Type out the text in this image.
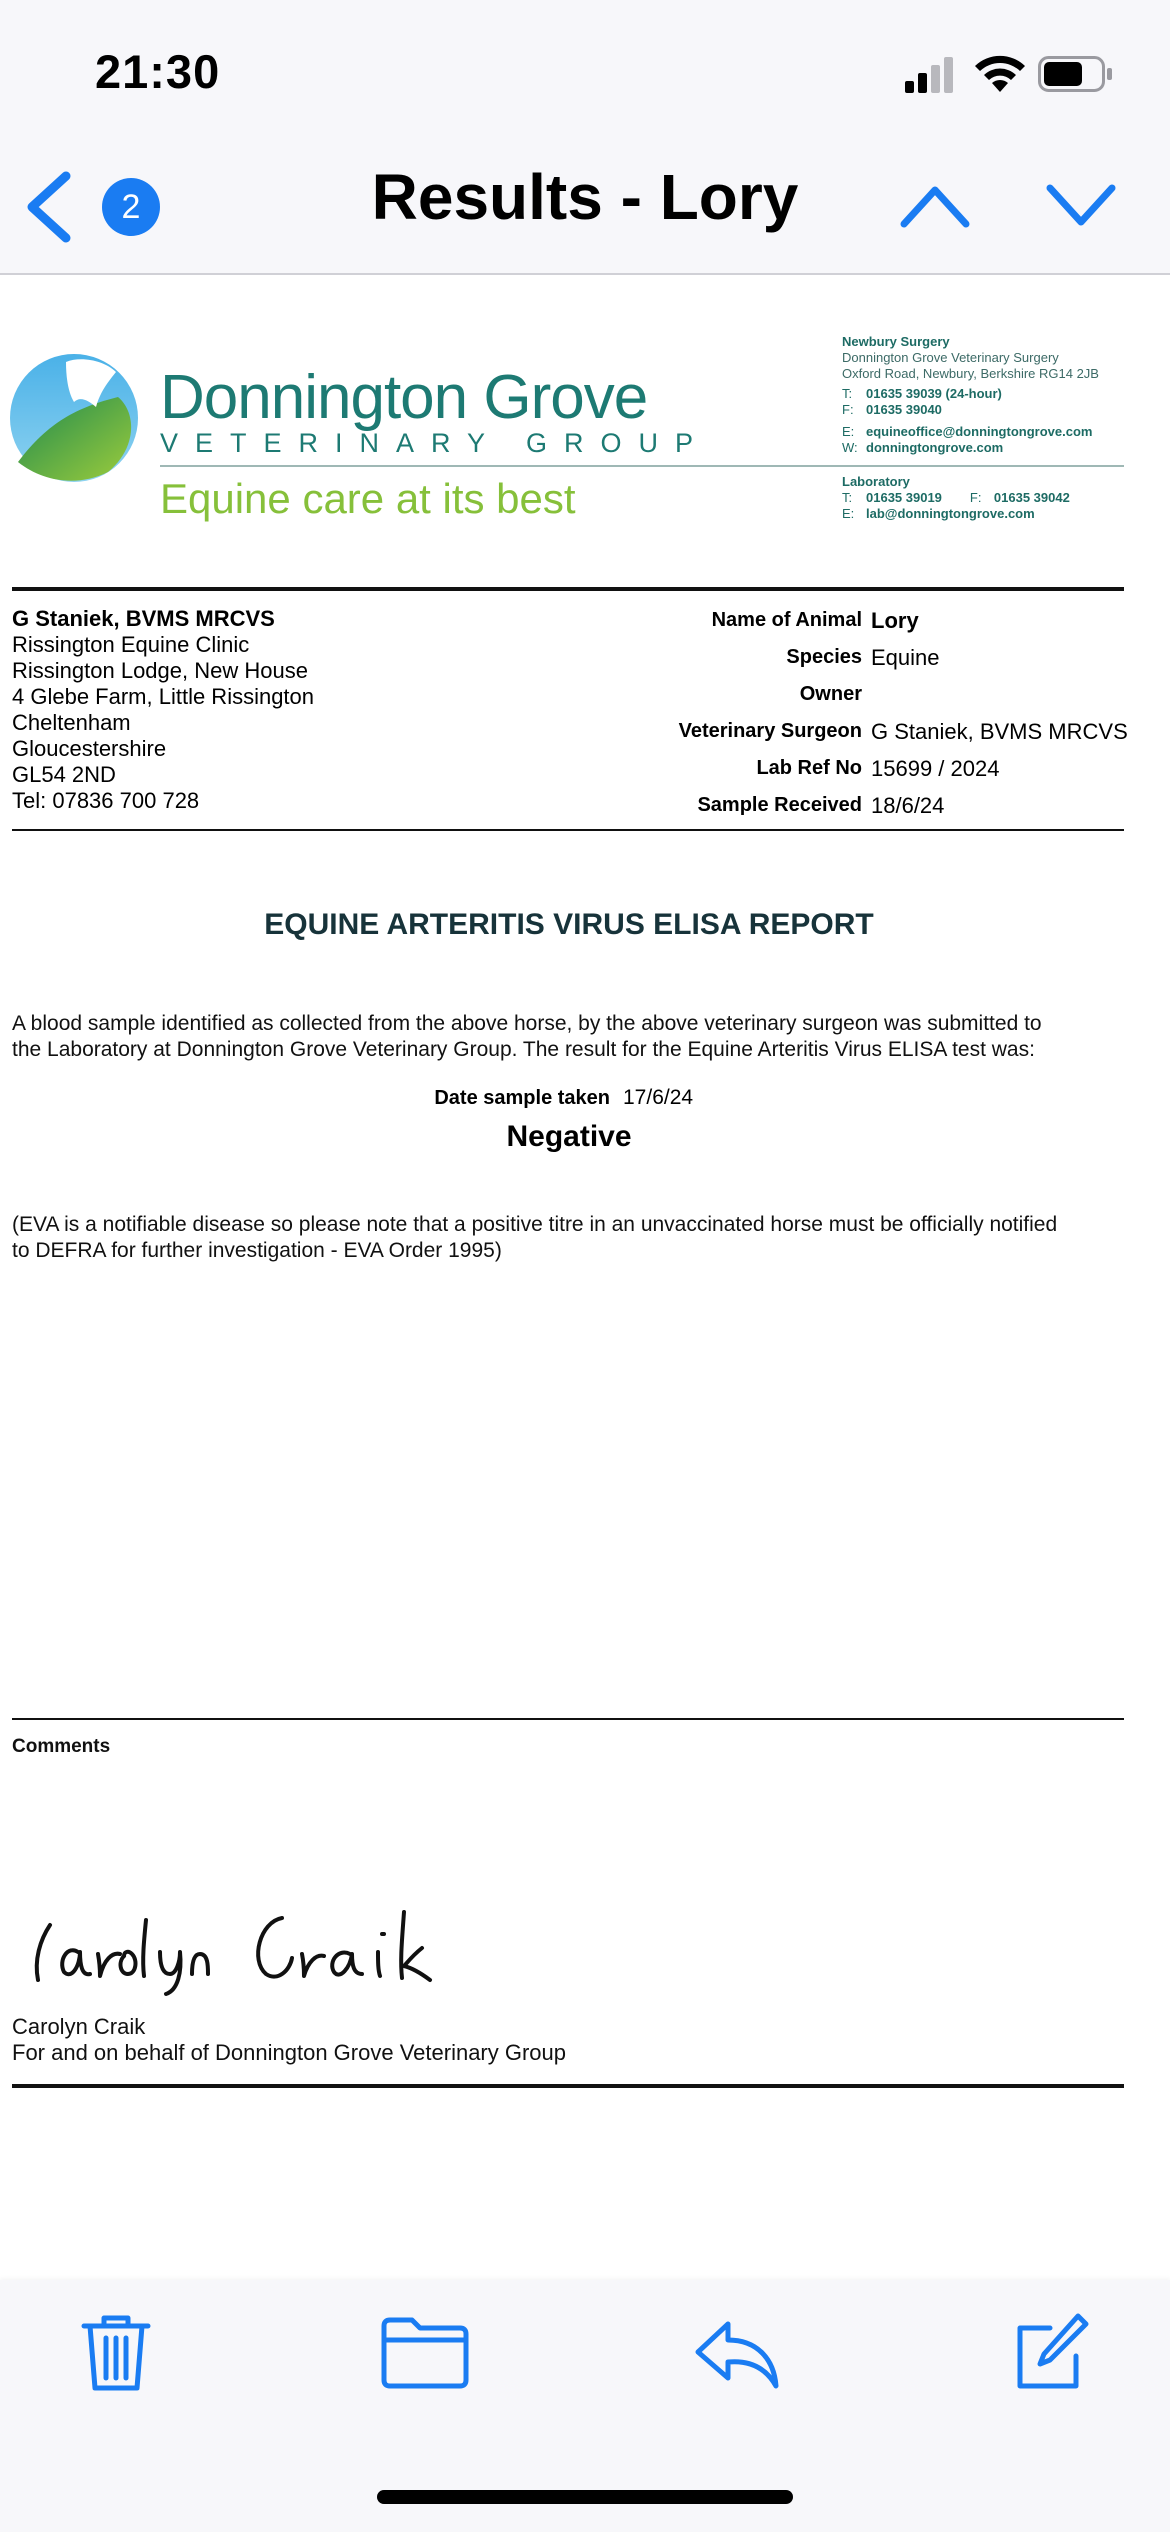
21:30
2	Results - Lory
Donnington Grove
VETERINARY GROUP
Equine care at its best
Newbury Surgery
Donnington Grove Veterinary Surgery
Oxford Road, Newbury, Berkshire RG14 2JB
T: 01635 39039 (24-hour)
F: 01635 39040
E: equineoffice@donningtongrove.com
W: donningtongrove.com
Laboratory
T: 01635 39019 F: 01635 39042
E: lab@donningtongrove.com
G Staniek, BVMS MRCVS
Rissington Equine Clinic
Rissington Lodge, New House
4 Glebe Farm, Little Rissington
Cheltenham
Gloucestershire
GL54 2ND
Tel: 07836 700 728
Name of Animal Lory
Species Equine
Owner
Veterinary Surgeon G Staniek, BVMS MRCVS
Lab Ref No 15699 / 2024
Sample Received 18/6/24
EQUINE ARTERITIS VIRUS ELISA REPORT
A blood sample identified as collected from the above horse, by the above veterinary surgeon was submitted to
the Laboratory at Donnington Grove Veterinary Group. The result for the Equine Arteritis Virus ELISA test was:
Date sample taken 17/6/24
Negative
(EVA is a notifiable disease so please note that a positive titre in an unvaccinated horse must be officially notified
to DEFRA for further investigation - EVA Order 1995)
Comments
Carolyn Craik
For and on behalf of Donnington Grove Veterinary Group
